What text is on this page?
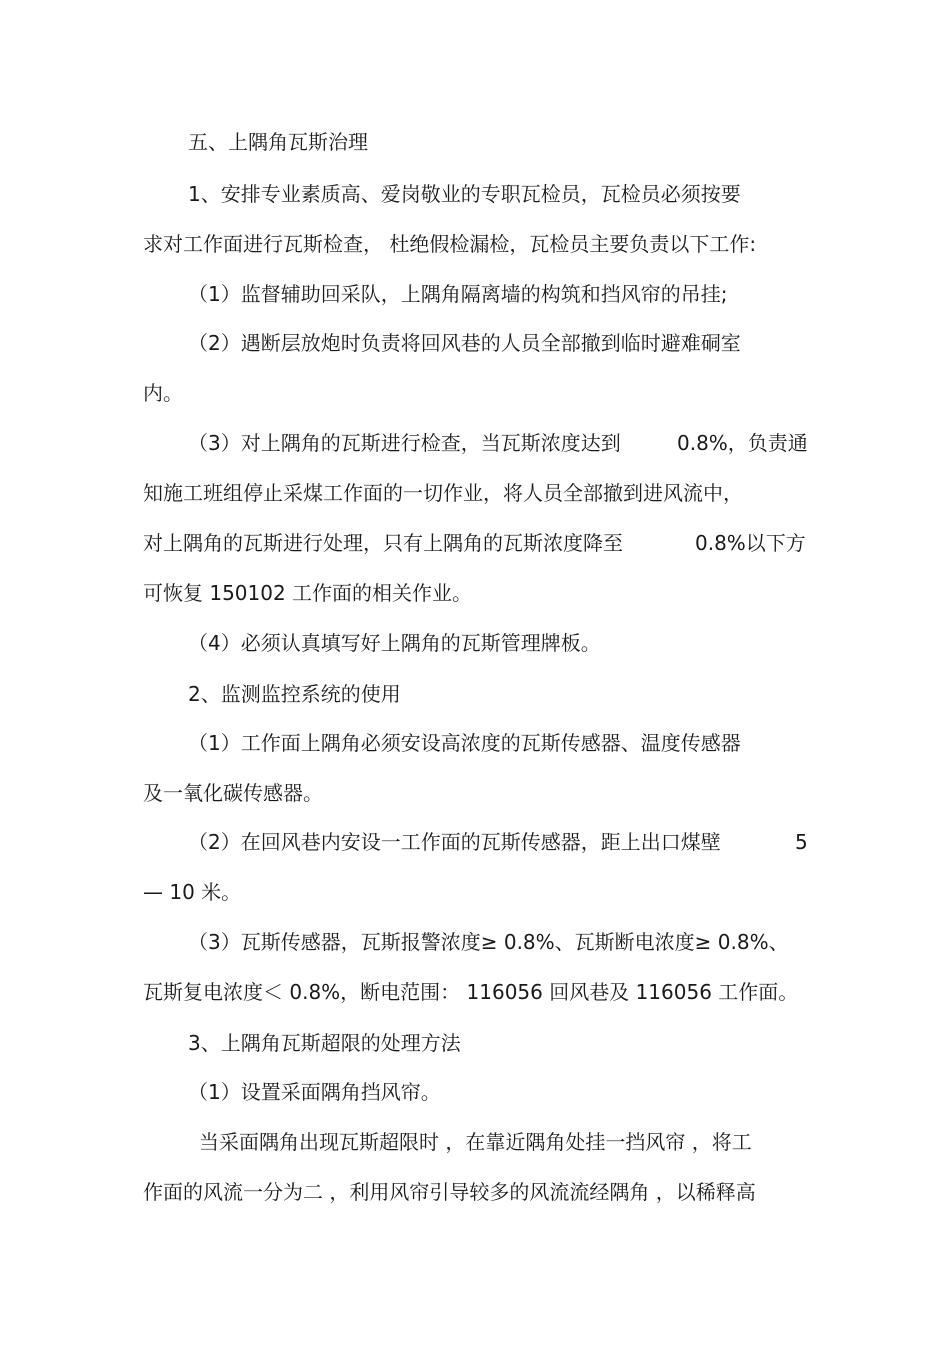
五、上隅角瓦斯治理

1、安排专业素质高、爱岗敬业的专职瓦检员，瓦检员必须按要

求对工作面进行瓦斯检查， 杜绝假检漏检，瓦检员主要负责以下工作:

（1）监督辅助回采队，上隅角隔离墙的构筑和挡风帘的吊挂;

（2）遇断层放炮时负责将回风巷的人员全部撤到临时避难硐室

内。

（3）对上隅角的瓦斯进行检查，当瓦斯浓度达到	0.8%，负责通

知施工班组停止采煤工作面的一切作业，将人员全部撤到进风流中，

对上隅角的瓦斯进行处理，只有上隅角的瓦斯浓度降至	0.8%以下方

可恢复 150102 工作面的相关作业。

（4）必须认真填写好上隅角的瓦斯管理牌板。

2、监测监控系统的使用

（1）工作面上隅角必须安设高浓度的瓦斯传感器、温度传感器

及一氧化碳传感器。

（2）在回风巷内安设一工作面的瓦斯传感器，距上出口煤壁	5

— 10 米。

（3）瓦斯传感器，瓦斯报警浓度≥ 0.8%、瓦斯断电浓度≥ 0.8%、

瓦斯复电浓度＜ 0.8%，断电范围： 116056 回风巷及 116056 工作面。

3、上隅角瓦斯超限的处理方法

（1）设置采面隅角挡风帘。

当采面隅角出现瓦斯超限时 ，在靠近隅角处挂一挡风帘 ，将工

作面的风流一分为二 ，利用风帘引导较多的风流流经隅角 ，以稀释高
